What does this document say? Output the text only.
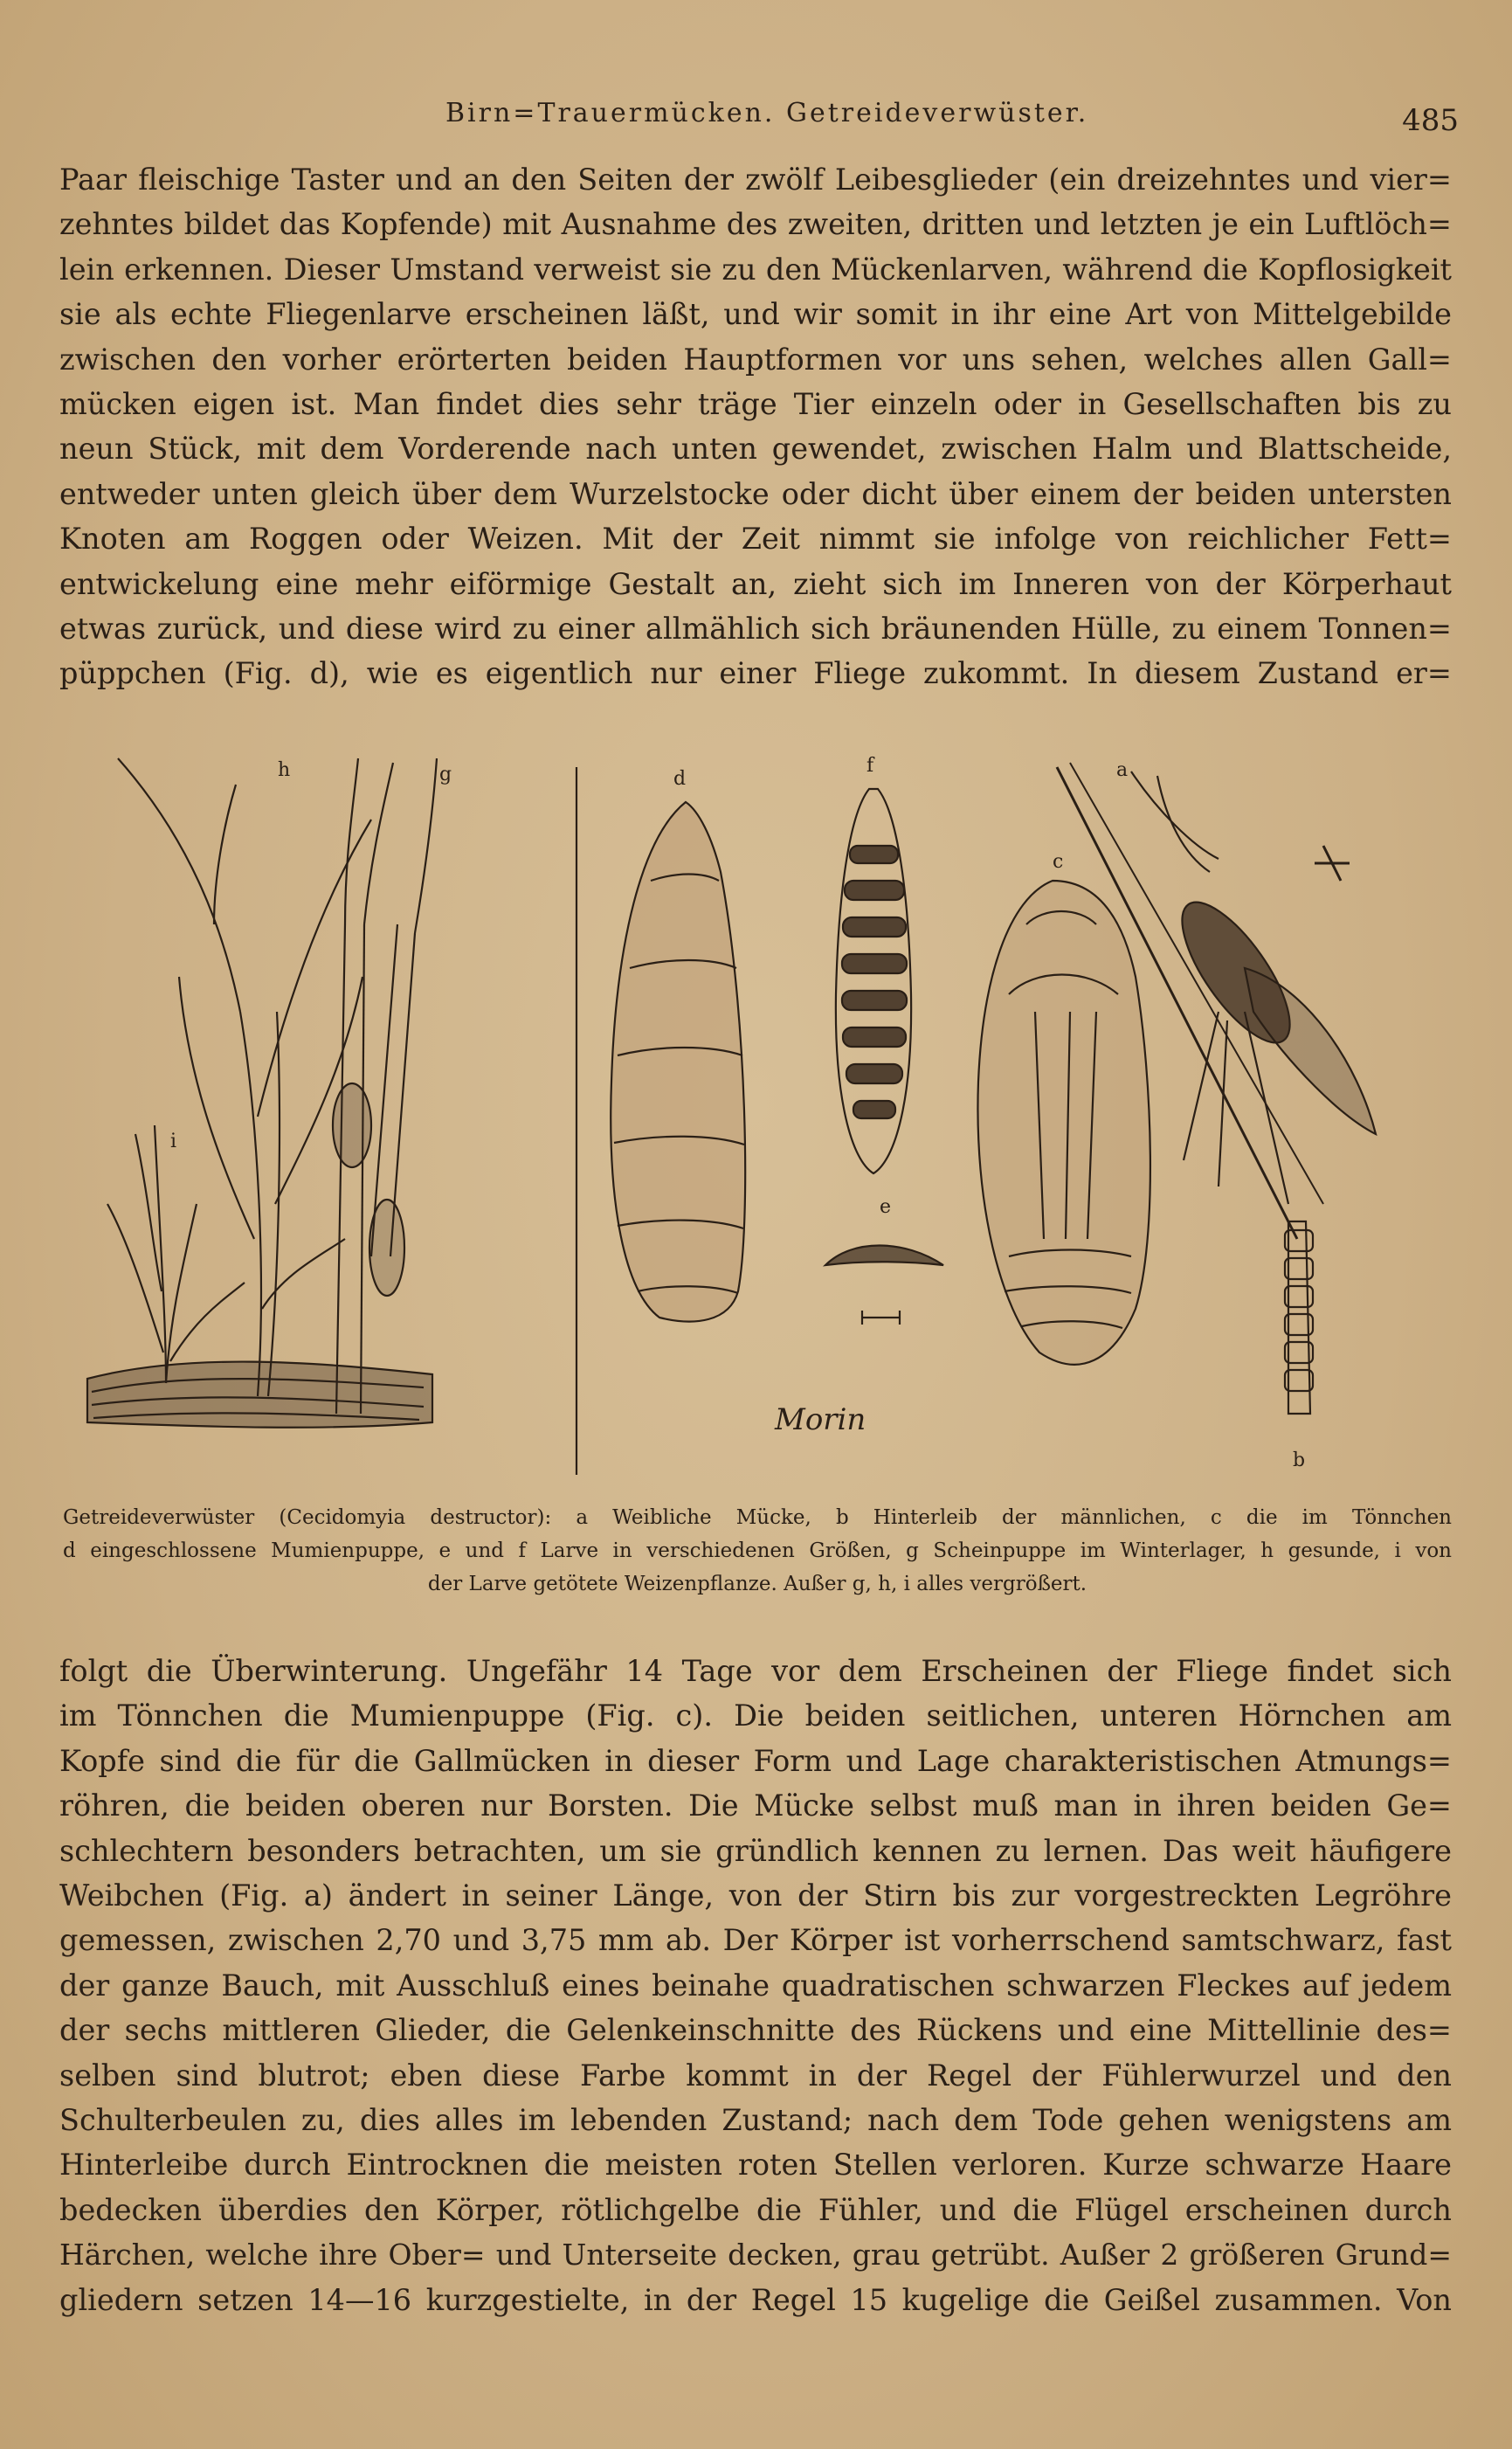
Birn=Trauermücken. Getreideverwüster.	485
Paar fleischige Taster und an den Seiten der zwölf Leibesglieder (ein dreizehntes und vier=
zehntes bildet das Kopfende) mit Ausnahme des zweiten, dritten und letzten je ein Luftlöch=
lein erkennen. Dieser Umstand verweist sie zu den Mückenlarven, während die Kopflosigkeit
sie als echte Fliegenlarve erscheinen läßt, und wir somit in ihr eine Art von Mittelgebilde
zwischen den vorher erörterten beiden Hauptformen vor uns sehen, welches allen Gall=
mücken eigen ist. Man findet dies sehr träge Tier einzeln oder in Gesellschaften bis zu
neun Stück, mit dem Vorderende nach unten gewendet, zwischen Halm und Blattscheide,
entweder unten gleich über dem Wurzelstocke oder dicht über einem der beiden untersten
Knoten am Roggen oder Weizen. Mit der Zeit nimmt sie infolge von reichlicher Fett=
entwickelung eine mehr eiförmige Gestalt an, zieht sich im Inneren von der Körperhaut
etwas zurück, und diese wird zu einer allmählich sich bräunenden Hülle, zu einem Tonnen=
püppchen (Fig. d), wie es eigentlich nur einer Fliege zukommt. In diesem Zustand er=
h	g
i
d
f
e
c
a
b
Morin
Getreideverwüster (Cecidomyia destructor): a Weibliche Mücke, b Hinterleib der männlichen, c die im Tönnchen
d eingeschlossene Mumienpuppe, e und f Larve in verschiedenen Größen, g Scheinpuppe im Winterlager, h gesunde, i von
der Larve getötete Weizenpflanze. Außer g, h, i alles vergrößert.
folgt die Überwinterung. Ungefähr 14 Tage vor dem Erscheinen der Fliege findet sich
im Tönnchen die Mumienpuppe (Fig. c). Die beiden seitlichen, unteren Hörnchen am
Kopfe sind die für die Gallmücken in dieser Form und Lage charakteristischen Atmungs=
röhren, die beiden oberen nur Borsten. Die Mücke selbst muß man in ihren beiden Ge=
schlechtern besonders betrachten, um sie gründlich kennen zu lernen. Das weit häufigere
Weibchen (Fig. a) ändert in seiner Länge, von der Stirn bis zur vorgestreckten Legröhre
gemessen, zwischen 2,70 und 3,75 mm ab. Der Körper ist vorherrschend samtschwarz, fast
der ganze Bauch, mit Ausschluß eines beinahe quadratischen schwarzen Fleckes auf jedem
der sechs mittleren Glieder, die Gelenkeinschnitte des Rückens und eine Mittellinie des=
selben sind blutrot; eben diese Farbe kommt in der Regel der Fühlerwurzel und den
Schulterbeulen zu, dies alles im lebenden Zustand; nach dem Tode gehen wenigstens am
Hinterleibe durch Eintrocknen die meisten roten Stellen verloren. Kurze schwarze Haare
bedecken überdies den Körper, rötlichgelbe die Fühler, und die Flügel erscheinen durch
Härchen, welche ihre Ober= und Unterseite decken, grau getrübt. Außer 2 größeren Grund=
gliedern setzen 14—16 kurzgestielte, in der Regel 15 kugelige die Geißel zusammen. Von
